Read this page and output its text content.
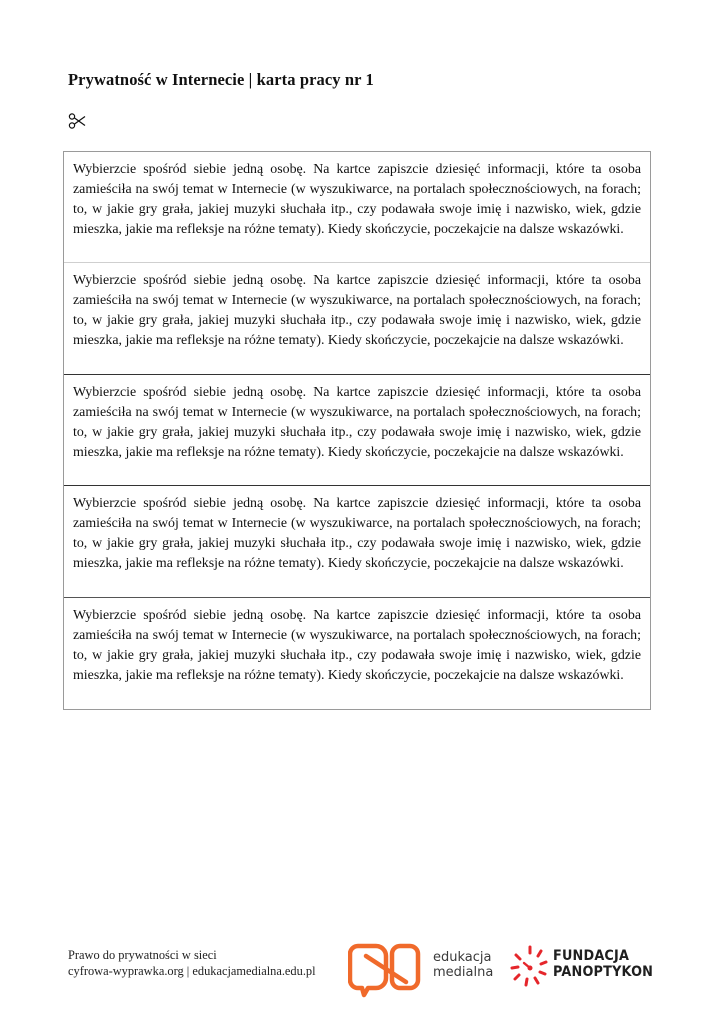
Prywatność w Internecie | karta pracy nr 1
Wybierzcie spośród siebie jedną osobę. Na kartce zapiszcie dziesięć informacji, które ta osoba zamieściła na swój temat w Internecie (w wyszukiwarce, na portalach społecznościowych, na forach; to, w jakie gry grała, jakiej muzyki słuchała itp., czy podawała swoje imię i nazwisko, wiek, gdzie mieszka, jakie ma refleksje na różne tematy). Kiedy skończycie, poczekajcie na dalsze wskazówki.
Wybierzcie spośród siebie jedną osobę. Na kartce zapiszcie dziesięć informacji, które ta osoba zamieściła na swój temat w Internecie (w wyszukiwarce, na portalach społecznościowych, na forach; to, w jakie gry grała, jakiej muzyki słuchała itp., czy podawała swoje imię i nazwisko, wiek, gdzie mieszka, jakie ma refleksje na różne tematy). Kiedy skończycie, poczekajcie na dalsze wskazówki.
Wybierzcie spośród siebie jedną osobę. Na kartce zapiszcie dziesięć informacji, które ta osoba zamieściła na swój temat w Internecie (w wyszukiwarce, na portalach społecznościowych, na forach; to, w jakie gry grała, jakiej muzyki słuchała itp., czy podawała swoje imię i nazwisko, wiek, gdzie mieszka, jakie ma refleksje na różne tematy). Kiedy skończycie, poczekajcie na dalsze wskazówki.
Wybierzcie spośród siebie jedną osobę. Na kartce zapiszcie dziesięć informacji, które ta osoba zamieściła na swój temat w Internecie (w wyszukiwarce, na portalach społecznościowych, na forach; to, w jakie gry grała, jakiej muzyki słuchała itp., czy podawała swoje imię i nazwisko, wiek, gdzie mieszka, jakie ma refleksje na różne tematy). Kiedy skończycie, poczekajcie na dalsze wskazówki.
Wybierzcie spośród siebie jedną osobę. Na kartce zapiszcie dziesięć informacji, które ta osoba zamieściła na swój temat w Internecie (w wyszukiwarce, na portalach społecznościowych, na forach; to, w jakie gry grała, jakiej muzyki słuchała itp., czy podawała swoje imię i nazwisko, wiek, gdzie mieszka, jakie ma refleksje na różne tematy). Kiedy skończycie, poczekajcie na dalsze wskazówki.
Prawo do prywatności w sieci
cyfrowa-wyprawka.org | edukacjamedialna.edu.pl
edukacja
medialna
FUNDACJA
PANOPTYKON
